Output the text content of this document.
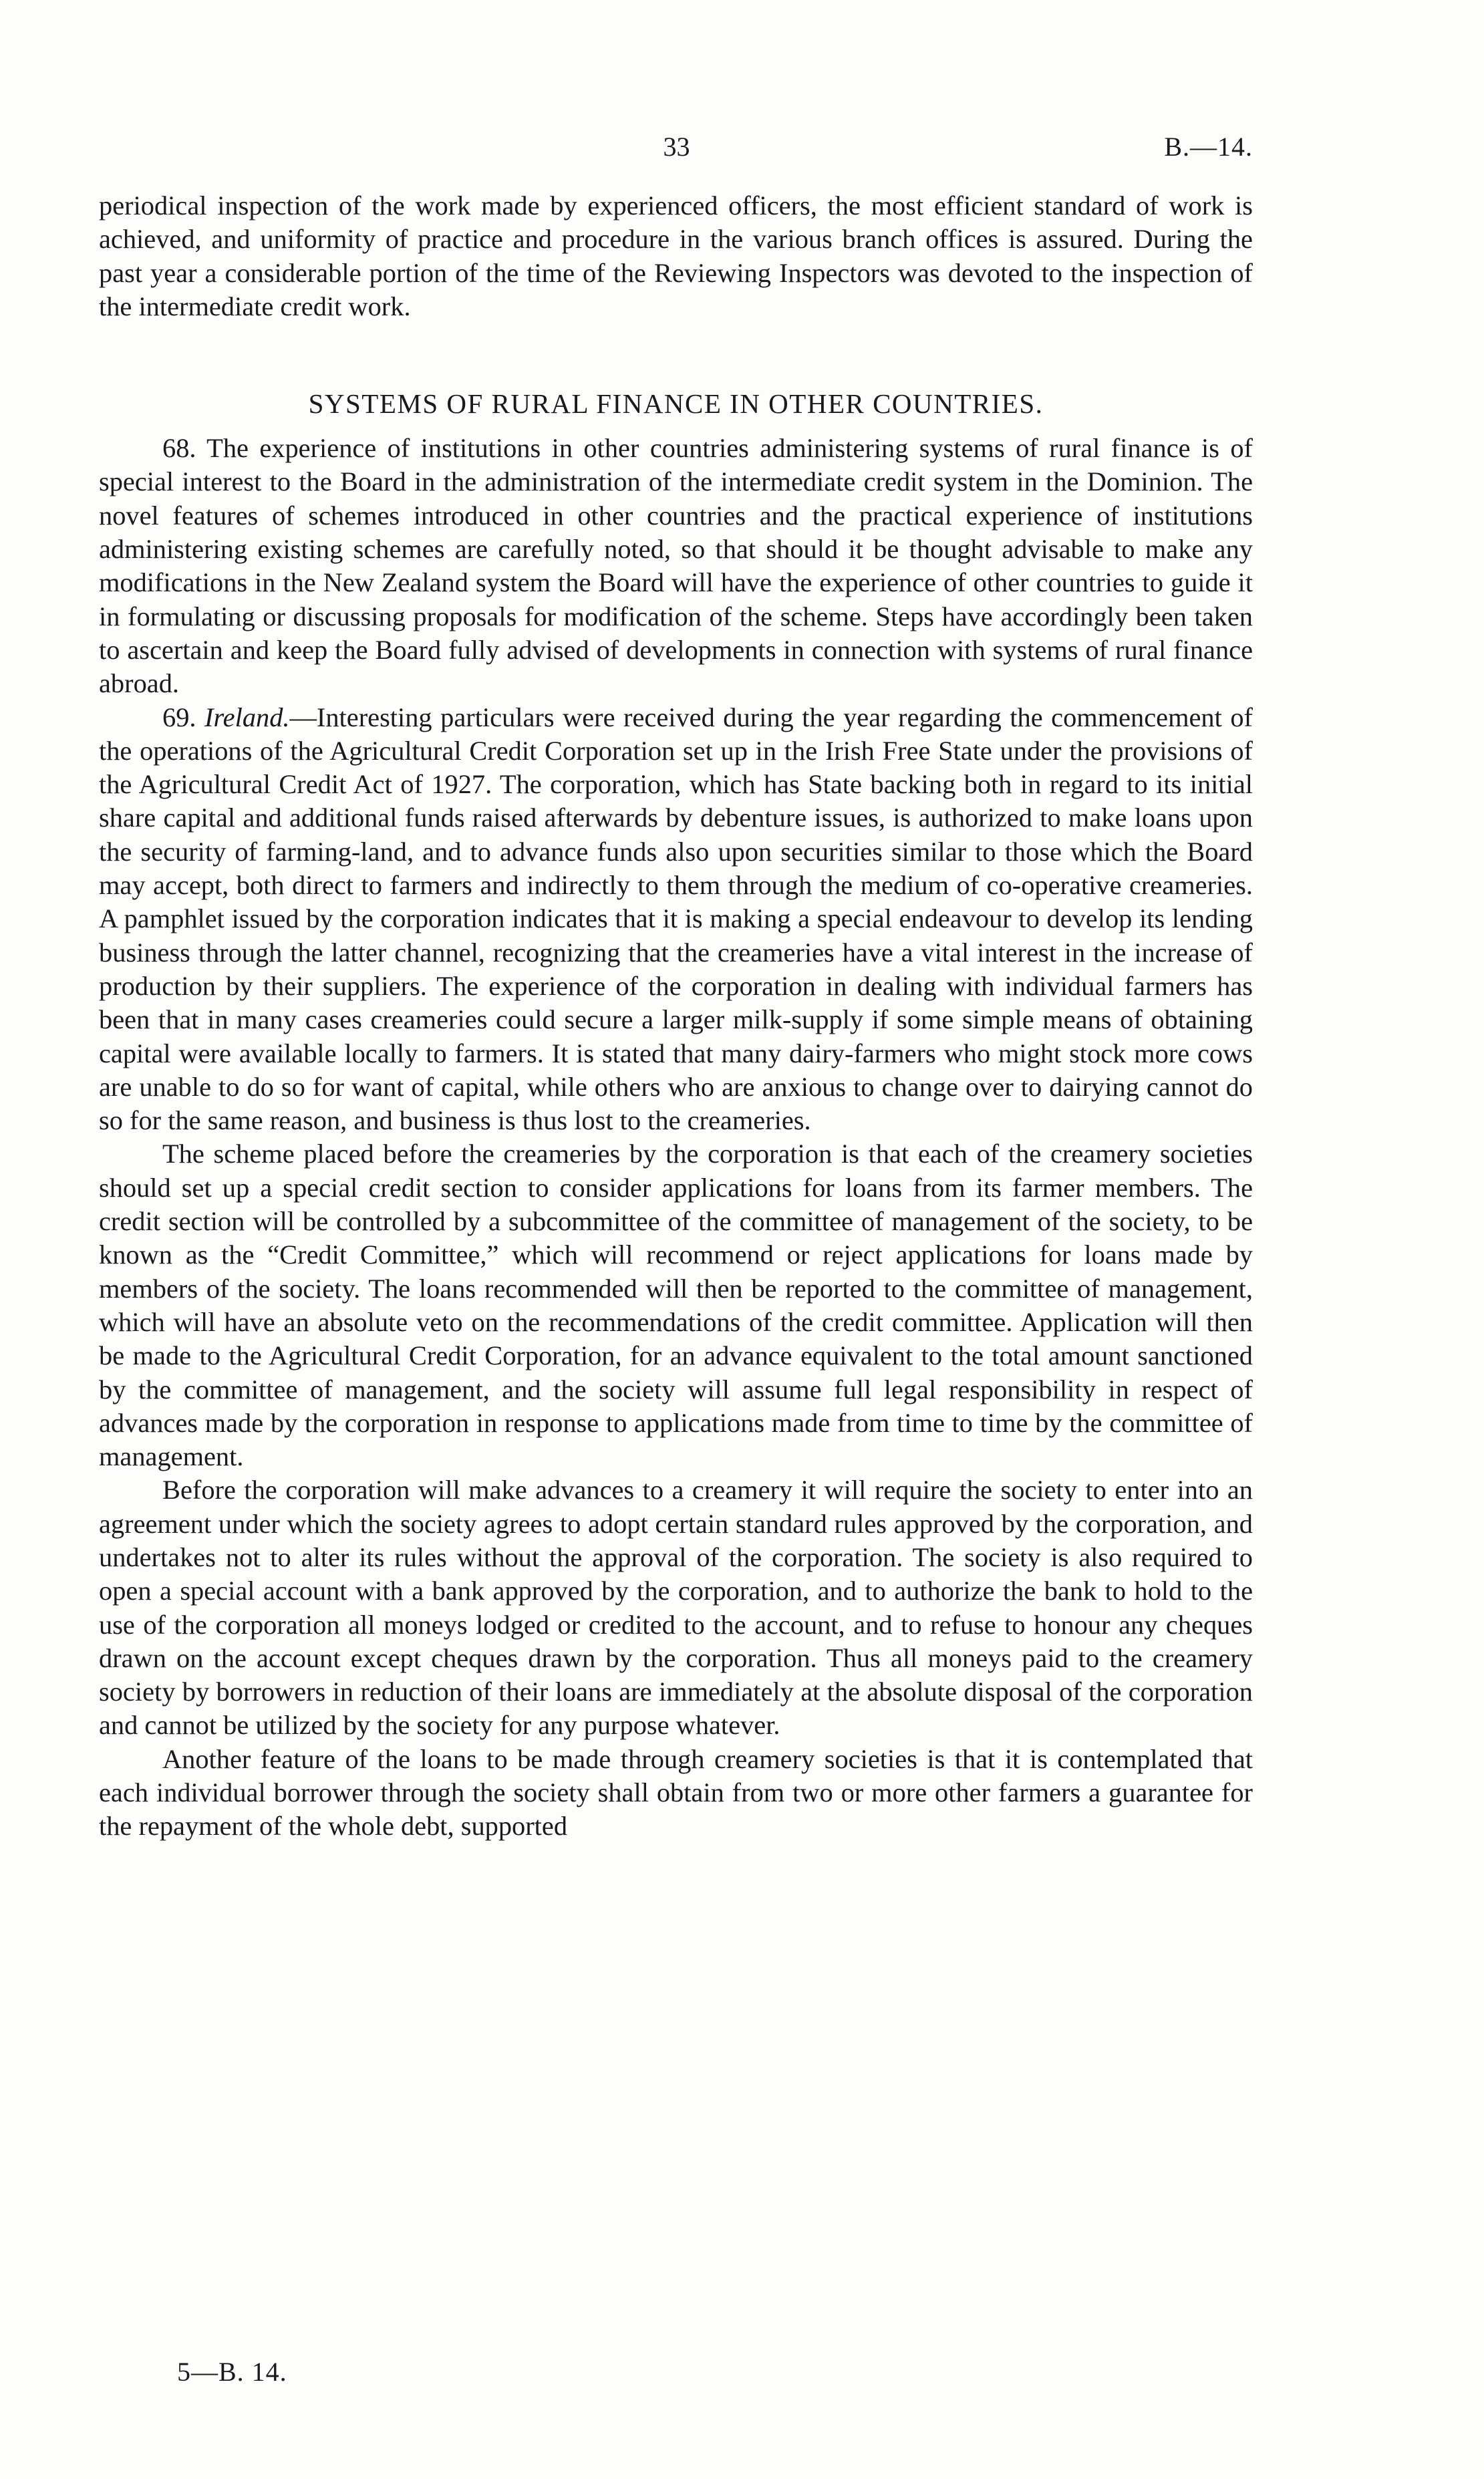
33	B.—14.

periodical inspection of the work made by experienced officers, the most efficient standard of work is achieved, and uniformity of practice and procedure in the various branch offices is assured. During the past year a considerable portion of the time of the Reviewing Inspectors was devoted to the inspection of the intermediate credit work.

SYSTEMS OF RURAL FINANCE IN OTHER COUNTRIES.

68. The experience of institutions in other countries administering systems of rural finance is of special interest to the Board in the administration of the intermediate credit system in the Dominion. The novel features of schemes introduced in other countries and the practical experience of institutions administering existing schemes are carefully noted, so that should it be thought advisable to make any modifications in the New Zealand system the Board will have the experience of other countries to guide it in formulating or discussing proposals for modification of the scheme. Steps have accordingly been taken to ascertain and keep the Board fully advised of developments in connection with systems of rural finance abroad.

69. Ireland.—Interesting particulars were received during the year regarding the commencement of the operations of the Agricultural Credit Corporation set up in the Irish Free State under the provisions of the Agricultural Credit Act of 1927. The corporation, which has State backing both in regard to its initial share capital and additional funds raised afterwards by debenture issues, is authorized to make loans upon the security of farming-land, and to advance funds also upon securities similar to those which the Board may accept, both direct to farmers and indirectly to them through the medium of co-operative creameries. A pamphlet issued by the corporation indicates that it is making a special endeavour to develop its lending business through the latter channel, recognizing that the creameries have a vital interest in the increase of production by their suppliers. The experience of the corporation in dealing with individual farmers has been that in many cases creameries could secure a larger milk-supply if some simple means of obtaining capital were available locally to farmers. It is stated that many dairy-farmers who might stock more cows are unable to do so for want of capital, while others who are anxious to change over to dairying cannot do so for the same reason, and business is thus lost to the creameries.

The scheme placed before the creameries by the corporation is that each of the creamery societies should set up a special credit section to consider applications for loans from its farmer members. The credit section will be controlled by a subcommittee of the committee of management of the society, to be known as the “Credit Committee,” which will recommend or reject applications for loans made by members of the society. The loans recommended will then be reported to the committee of management, which will have an absolute veto on the recommendations of the credit committee. Application will then be made to the Agricultural Credit Corporation, for an advance equivalent to the total amount sanctioned by the committee of management, and the society will assume full legal responsibility in respect of advances made by the corporation in response to applications made from time to time by the committee of management.

Before the corporation will make advances to a creamery it will require the society to enter into an agreement under which the society agrees to adopt certain standard rules approved by the corporation, and undertakes not to alter its rules without the approval of the corporation. The society is also required to open a special account with a bank approved by the corporation, and to authorize the bank to hold to the use of the corporation all moneys lodged or credited to the account, and to refuse to honour any cheques drawn on the account except cheques drawn by the corporation. Thus all moneys paid to the creamery society by borrowers in reduction of their loans are immediately at the absolute disposal of the corporation and cannot be utilized by the society for any purpose whatever.

Another feature of the loans to be made through creamery societies is that it is contemplated that each individual borrower through the society shall obtain from two or more other farmers a guarantee for the repayment of the whole debt, supported

5—B. 14.
